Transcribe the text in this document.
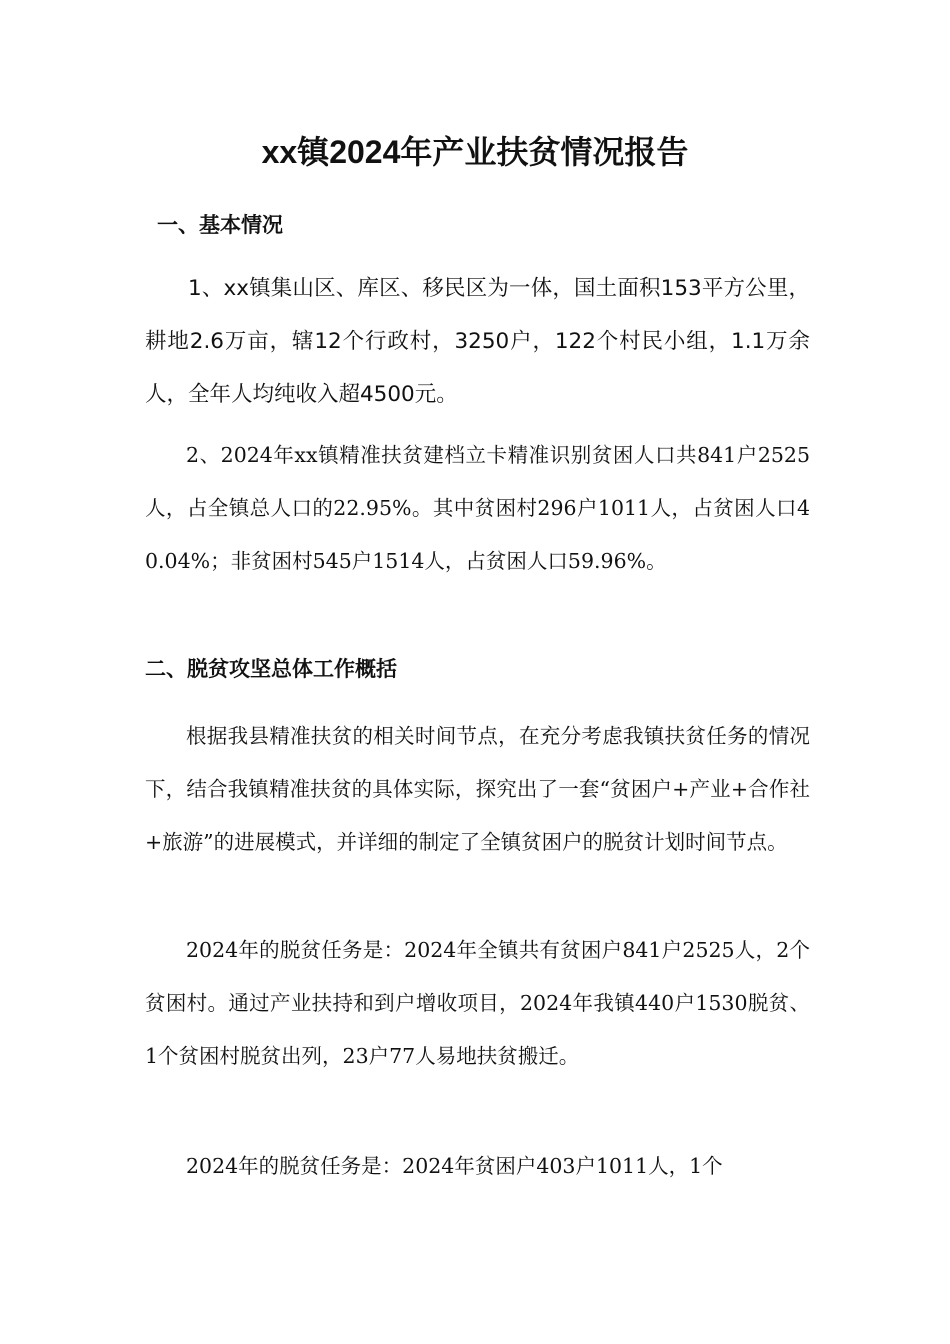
xx镇2024年产业扶贫情况报告
一、基本情况

1、xx镇集山区、库区、移民区为一体，国土面积153平方公里，耕地2.6万亩，辖12个行政村，3250户，122个村民小组，1.1万余人，全年人均纯收入超4500元。

2、2024年xx镇精准扶贫建档立卡精准识别贫困人口共841户2525人，占全镇总人口的22.95%。其中贫困村296户1011人，占贫困人口40.04%；非贫困村545户1514人，占贫困人口59.96%。

二、脱贫攻坚总体工作概括

根据我县精准扶贫的相关时间节点，在充分考虑我镇扶贫任务的情况下，结合我镇精准扶贫的具体实际，探究出了一套“贫困户+产业+合作社+旅游”的进展模式，并详细的制定了全镇贫困户的脱贫计划时间节点。

2024年的脱贫任务是：2024年全镇共有贫困户841户2525人，2个贫困村。通过产业扶持和到户增收项目，2024年我镇440户1530脱贫、1个贫困村脱贫出列，23户77人易地扶贫搬迁。

2024年的脱贫任务是：2024年贫困户403户1011人，1个
